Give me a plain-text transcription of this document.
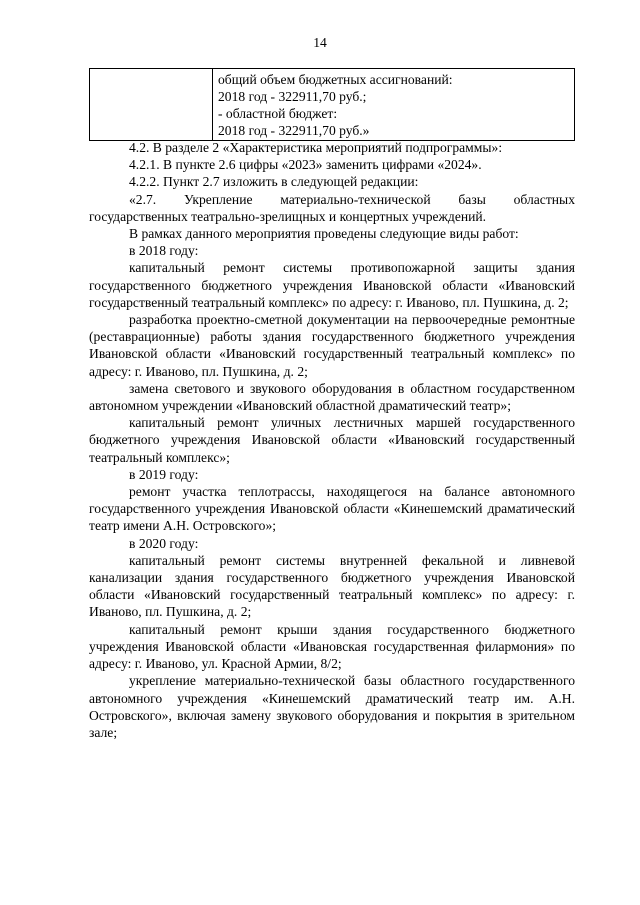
14

общий объем бюджетных ассигнований:
2018 год - 322911,70 руб.;
- областной бюджет:
2018 год - 322911,70 руб.»

4.2. В разделе 2 «Характеристика мероприятий подпрограммы»:

4.2.1. В пункте 2.6 цифры «2023» заменить цифрами «2024».

4.2.2. Пункт 2.7 изложить в следующей редакции:

«2.7. Укрепление материально-технической базы областных государственных театрально-зрелищных и концертных учреждений.

В рамках данного мероприятия проведены следующие виды работ:

в 2018 году:

капитальный ремонт системы противопожарной защиты здания государственного бюджетного учреждения Ивановской области «Ивановский государственный театральный комплекс» по адресу: г. Иваново, пл. Пушкина, д. 2;

разработка проектно-сметной документации на первоочередные ремонтные (реставрационные) работы здания государственного бюджетного учреждения Ивановской области «Ивановский государственный театральный комплекс» по адресу: г. Иваново, пл. Пушкина, д. 2;

замена светового и звукового оборудования в областном государственном автономном учреждении «Ивановский областной драматический театр»;

капитальный ремонт уличных лестничных маршей государственного бюджетного учреждения Ивановской области «Ивановский государственный театральный комплекс»;

в 2019 году:

ремонт участка теплотрассы, находящегося на балансе автономного государственного учреждения Ивановской области «Кинешемский драматический театр имени А.Н. Островского»;

в 2020 году:

капитальный ремонт системы внутренней фекальной и ливневой канализации здания государственного бюджетного учреждения Ивановской области «Ивановский государственный театральный комплекс» по адресу: г. Иваново, пл. Пушкина, д. 2;

капитальный ремонт крыши здания государственного бюджетного учреждения Ивановской области «Ивановская государственная филармония» по адресу: г. Иваново, ул. Красной Армии, 8/2;

укрепление материально-технической базы областного государственного автономного учреждения «Кинешемский драматический театр им. А.Н. Островского», включая замену звукового оборудования и покрытия в зрительном зале;
